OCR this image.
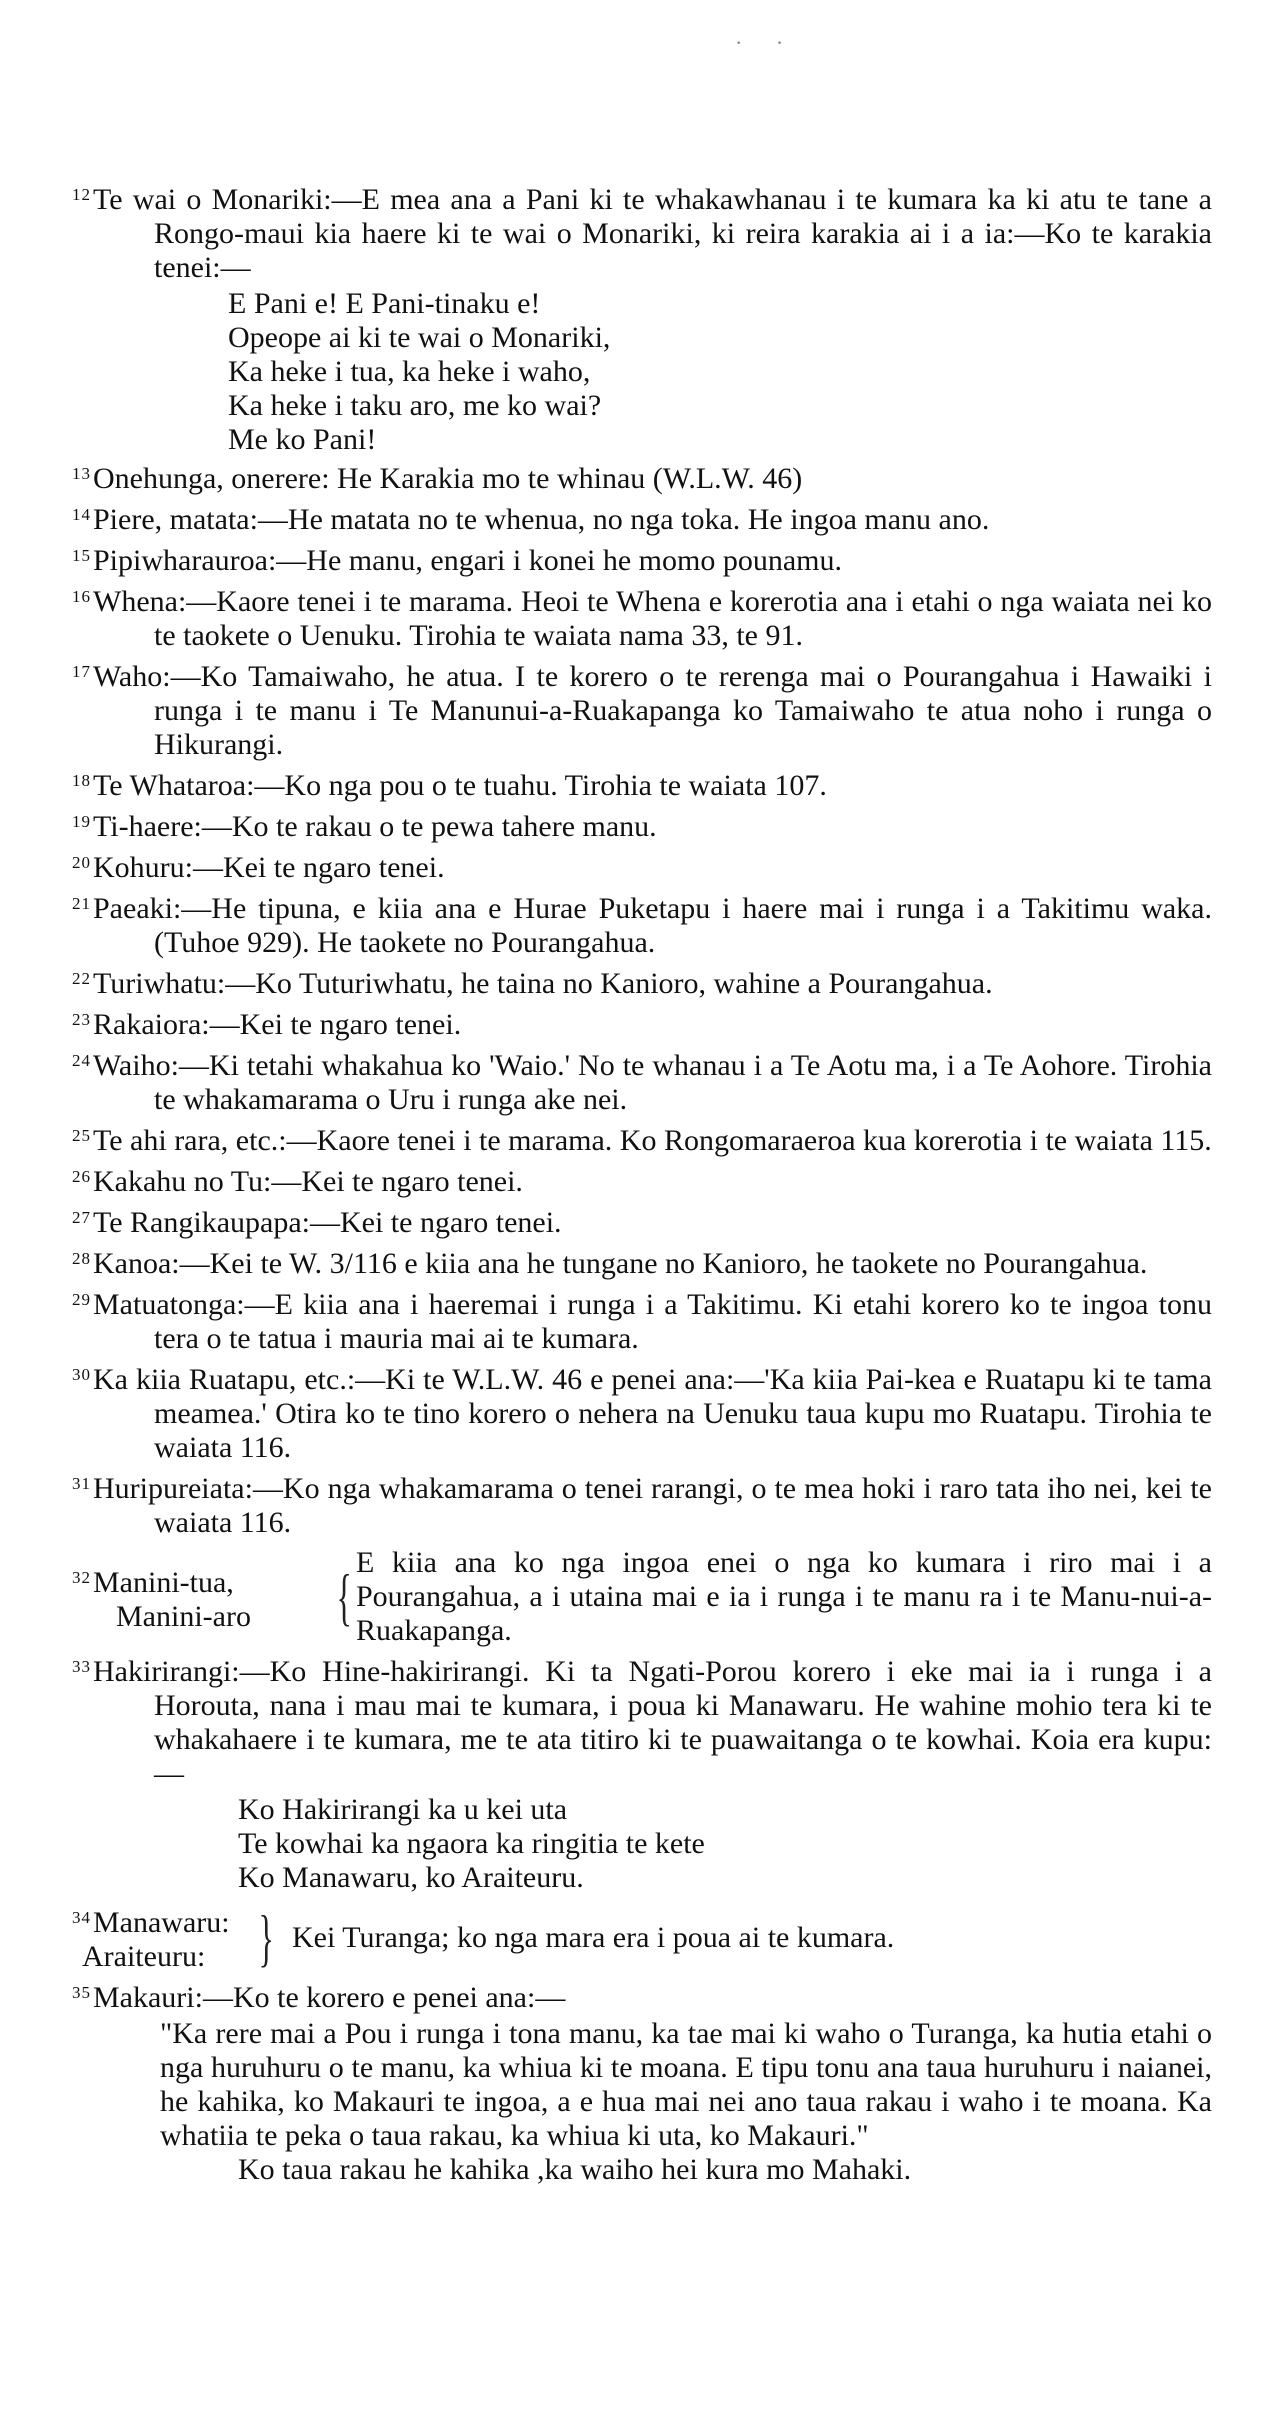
· ·
$^{12}$Te wai o Monariki:—E mea ana a Pani ki te whakawhanau i te kumara ka ki atu te tane a Rongo-maui kia haere ki te wai o Monariki, ki reira karakia ai i a ia:—Ko te karakia tenei:—
E Pani e! E Pani-tinaku e!
Opeope ai ki te wai o Monariki,
Ka heke i tua, ka heke i waho,
Ka heke i taku aro, me ko wai?
Me ko Pani!
$^{13}$Onehunga, onerere: He Karakia mo te whinau (W.L.W. 46)
$^{14}$Piere, matata:—He matata no te whenua, no nga toka. He ingoa manu ano.
$^{15}$Pipiwharauroa:—He manu, engari i konei he momo pounamu.
$^{16}$Whena:—Kaore tenei i te marama. Heoi te Whena e korerotia ana i etahi o nga waiata nei ko te taokete o Uenuku. Tirohia te waiata nama 33, te 91.
$^{17}$Waho:—Ko Tamaiwaho, he atua. I te korero o te rerenga mai o Pourangahua i Hawaiki i runga i te manu i Te Manunui-a-Ruakapanga ko Tamaiwaho te atua noho i runga o Hikurangi.
$^{18}$Te Whataroa:—Ko nga pou o te tuahu. Tirohia te waiata 107.
$^{19}$Ti-haere:—Ko te rakau o te pewa tahere manu.
$^{20}$Kohuru:—Kei te ngaro tenei.
$^{21}$Paeaki:—He tipuna, e kiia ana e Hurae Puketapu i haere mai i runga i a Takitimu waka. (Tuhoe 929). He taokete no Pourangahua.
$^{22}$Turiwhatu:—Ko Tuturiwhatu, he taina no Kanioro, wahine a Pourangahua.
$^{23}$Rakaiora:—Kei te ngaro tenei.
$^{24}$Waiho:—Ki tetahi whakahua ko 'Waio.' No te whanau i a Te Aotu ma, i a Te Aohore. Tirohia te whakamarama o Uru i runga ake nei.
$^{25}$Te ahi rara, etc.:—Kaore tenei i te marama. Ko Rongomaraeroa kua korerotia i te waiata 115.
$^{26}$Kakahu no Tu:—Kei te ngaro tenei.
$^{27}$Te Rangikaupapa:—Kei te ngaro tenei.
$^{28}$Kanoa:—Kei te W. 3/116 e kiia ana he tungane no Kanioro, he taokete no Pourangahua.
$^{29}$Matuatonga:—E kiia ana i haeremai i runga i a Takitimu. Ki etahi korero ko te ingoa tonu tera o te tatua i mauria mai ai te kumara.
$^{30}$Ka kiia Ruatapu, etc.:—Ki te W.L.W. 46 e penei ana:—'Ka kiia Pai-kea e Ruatapu ki te tama meamea.' Otira ko te tino korero o nehera na Uenuku taua kupu mo Ruatapu. Tirohia te waiata 116.
$^{31}$Huripureiata:—Ko nga whakamarama o tenei rarangi, o te mea hoki i raro tata iho nei, kei te waiata 116.
$^{32}$Manini-tua,
Manini-aro	{ E kiia ana ko nga ingoa enei o nga ko kumara i riro mai i a Pourangahua, a i utaina mai e ia i runga i te manu ra i te Manu-nui-a-Ruakapanga.
$^{33}$Hakirirangi:—Ko Hine-hakirirangi. Ki ta Ngati-Porou korero i eke mai ia i runga i a Horouta, nana i mau mai te kumara, i poua ki Manawaru. He wahine mohio tera ki te whakahaere i te kumara, me te ata titiro ki te puawaitanga o te kowhai. Koia era kupu:—
Ko Hakirirangi ka u kei uta
Te kowhai ka ngaora ka ringitia te kete
Ko Manawaru, ko Araiteuru.
$^{34}$Manawaru:
Araiteuru: } Kei Turanga; ko nga mara era i poua ai te kumara.
$^{35}$Makauri:—Ko te korero e penei ana:—
"Ka rere mai a Pou i runga i tona manu, ka tae mai ki waho o Turanga, ka hutia etahi o nga huruhuru o te manu, ka whiua ki te moana. E tipu tonu ana taua huruhuru i naianei, he kahika, ko Makauri te ingoa, a e hua mai nei ano taua rakau i waho i te moana. Ka whatiia te peka o taua rakau, ka whiua ki uta, ko Makauri."
Ko taua rakau he kahika ,ka waiho hei kura mo Mahaki.
